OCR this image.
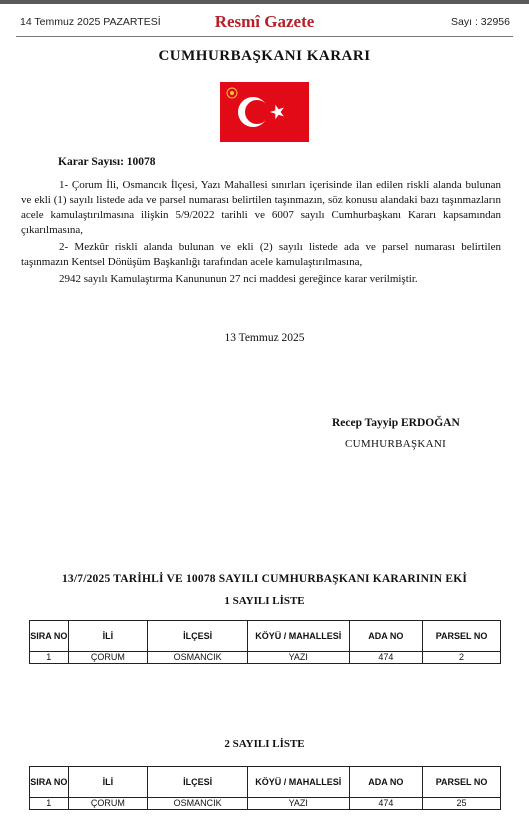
14 Temmuz 2025 PAZARTESİ	Resmî Gazete	Sayı : 32956
CUMHURBAŞKANI KARARI
Karar Sayısı: 10078

1- Çorum İli, Osmancık İlçesi, Yazı Mahallesi sınırları içerisinde ilan edilen riskli alanda bulunan ve ekli (1) sayılı listede ada ve parsel numarası belirtilen taşınmazın, söz konusu alandaki bazı taşınmazların acele kamulaştırılmasına ilişkin 5/9/2022 tarihli ve 6007 sayılı Cumhurbaşkanı Kararı kapsamından çıkarılmasına,

2- Mezkûr riskli alanda bulunan ve ekli (2) sayılı listede ada ve parsel numarası belirtilen taşınmazın Kentsel Dönüşüm Başkanlığı tarafından acele kamulaştırılmasına,

2942 sayılı Kamulaştırma Kanununun 27 nci maddesi gereğince karar verilmiştir.

13 Temmuz 2025
Recep Tayyip ERDOĞAN
CUMHURBAŞKANI
13/7/2025 TARİHLİ VE 10078 SAYILI CUMHURBAŞKANI KARARININ EKİ
1 SAYILI LİSTE
SIRA NO	İLİ	İLÇESİ	KÖYÜ / MAHALLESİ	ADA NO	PARSEL NO
1	ÇORUM	OSMANCIK	YAZI	474	2
2 SAYILI LİSTE
SIRA NO	İLİ	İLÇESİ	KÖYÜ / MAHALLESİ	ADA NO	PARSEL NO
1	ÇORUM	OSMANCIK	YAZI	474	25
